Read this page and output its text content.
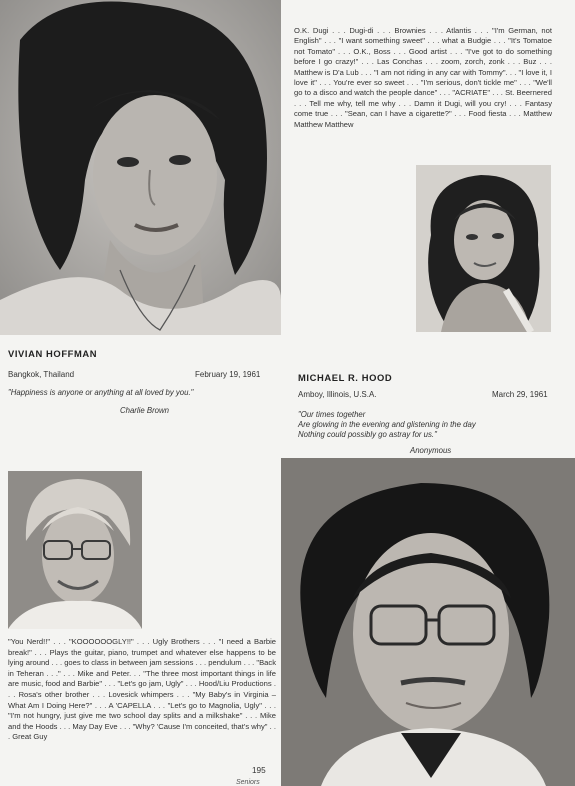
O.K. Dugi . . . Dugi-di . . . Brownies . . . Atlantis . . . "I'm German, not English" . . . "I want something sweet" . . . what a Budgie . . . "It's Tomatoe not Tomato" . . . O.K., Boss . . . Good artist . . . "I've got to do something before I go crazy!" . . . Las Conchas . . . zoom, zorch, zonk . . . Buz . . . Matthew is D'a Lub . . . "I am not riding in any car with Tommy". . . "I love it, I love it" . . . You're ever so sweet . . . "I'm serious, don't tickle me" . . . "We'll go to a disco and watch the people dance" . . . "ACRIATE" . . . St. Beernered . . . Tell me why, tell me why . . . Damn it Dugi, will you cry! . . . Fantasy come true . . . "Sean, can I have a cigarette?" . . . Food fiesta . . . Matthew Matthew Matthew
VIVIAN HOFFMAN
Bangkok, Thailand	February 19, 1961
"Happiness is anyone or anything at all loved by you."
Charlie Brown
MICHAEL R. HOOD
Amboy, Illinois, U.S.A.	March 29, 1961
"Our times together
Are glowing in the evening and glistening in the day
Nothing could possibly go astray for us."
Anonymous
"You Nerd!!" . . . "KOOOOOOGLY!!" . . . Ugly Brothers . . . "I need a Barbie break!" . . . Plays the guitar, piano, trumpet and whatever else happens to be lying around . . . goes to class in between jam sessions . . . pendulum . . . "Back in Teheran . . ." . . . Mike and Peter. . . "The three most important things in life are music, food and Barbie" . . . "Let's go jam, Ugly" . . . Hood/Liu Productions . . . Rosa's other brother . . . Lovesick whimpers . . . "My Baby's in Virginia – What Am I Doing Here?" . . . A 'CAPELLA . . . "Let's go to Magnolia, Ugly" . . . "I'm not hungry, just give me two school day splits and a milkshake" . . . Mike and the Hoods . . . May Day Eve . . . "Why? 'Cause I'm conceited, that's why" . . . Great Guy
195
Seniors
